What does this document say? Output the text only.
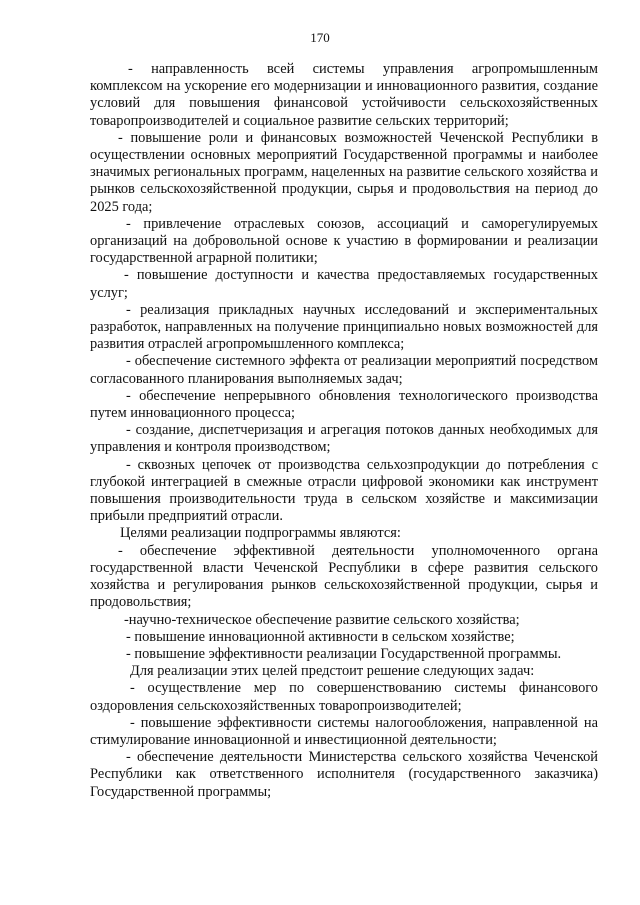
170

- направленность всей системы управления агропромышленным комплексом на ускорение его модернизации и инновационного развития, создание условий для повышения финансовой устойчивости сельскохозяйственных товаропроизводителей и социальное развитие сельских территорий;

- повышение роли и финансовых возможностей Чеченской Республики в осуществлении основных мероприятий Государственной программы и наиболее значимых региональных программ, нацеленных на развитие сельского хозяйства и рынков сельскохозяйственной продукции, сырья и продовольствия на период до 2025 года;

- привлечение отраслевых союзов, ассоциаций и саморегулируемых организаций на добровольной основе к участию в формировании и реализации государственной аграрной политики;

- повышение доступности и качества предоставляемых государственных услуг;

- реализация прикладных научных исследований и экспериментальных разработок, направленных на получение принципиально новых возможностей для развития отраслей агропромышленного комплекса;

- обеспечение системного эффекта от реализации мероприятий посредством согласованного планирования выполняемых задач;

- обеспечение непрерывного обновления технологического производства путем инновационного процесса;

- создание, диспетчеризация и агрегация потоков данных необходимых для управления и контроля производством;

- сквозных цепочек от производства сельхозпродукции до потребления с глубокой интеграцией в смежные отрасли цифровой экономики как инструмент повышения производительности труда в сельском хозяйстве и максимизации прибыли предприятий отрасли.

Целями реализации подпрограммы являются:

- обеспечение эффективной деятельности уполномоченного органа государственной власти Чеченской Республики в сфере развития сельского хозяйства и регулирования рынков сельскохозяйственной продукции, сырья и продовольствия;

-научно-техническое обеспечение развитие сельского хозяйства;

- повышение инновационной активности в сельском хозяйстве;

- повышение эффективности реализации Государственной программы.

Для реализации этих целей предстоит решение следующих задач:

- осуществление мер по совершенствованию системы финансового оздоровления сельскохозяйственных товаропроизводителей;

- повышение эффективности системы налогообложения, направленной на стимулирование инновационной и инвестиционной деятельности;

- обеспечение деятельности Министерства сельского хозяйства Чеченской Республики как ответственного исполнителя (государственного заказчика) Государственной программы;
